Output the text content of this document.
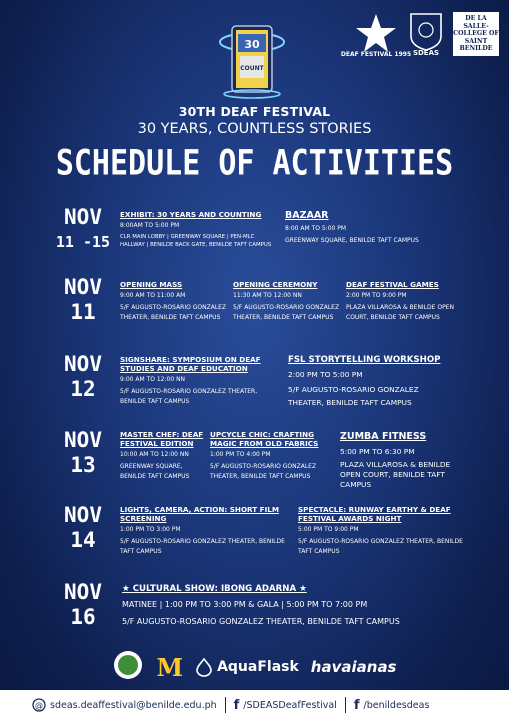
30
COUNT
DEAF FESTIVAL 1995 SDEAS
DE LA SALLE-COLLEGE OF SAINT BENILDE
30TH DEAF FESTIVAL
30 YEARS, COUNTLESS STORIES
SCHEDULE OF ACTIVITIES
NOV
11 -15
EXHIBIT: 30 YEARS AND COUNTING
8:00AM TO 5:00 PM
CLR MAIN LOBBY | GREENWAY SQUARE | PEN-MLC HALLWAY | BENILDE BACK GATE, BENILDE TAFT CAMPUS
BAZAAR
8:00 AM TO 5:00 PM
GREENWAY SQUARE, BENILDE TAFT CAMPUS
NOV
11
OPENING MASS
9:00 AM TO 11:00 AM
5/F AUGUSTO-ROSARIO GONZALEZ THEATER, BENILDE TAFT CAMPUS
OPENING CEREMONY
11:30 AM TO 12:00 NN
5/F AUGUSTO-ROSARIO GONZALEZ THEATER, BENILDE TAFT CAMPUS
DEAF FESTIVAL GAMES
2:00 PM TO 9:00 PM
PLAZA VILLAROSA & BENILDE OPEN COURT, BENILDE TAFT CAMPUS
NOV
12
SIGNSHARE: SYMPOSIUM ON DEAF STUDIES AND DEAF EDUCATION
9:00 AM TO 12:00 NN
5/F AUGUSTO-ROSARIO GONZALEZ THEATER, BENILDE TAFT CAMPUS
FSL STORYTELLING WORKSHOP
2:00 PM TO 5:00 PM
5/F AUGUSTO-ROSARIO GONZALEZ THEATER, BENILDE TAFT CAMPUS
NOV
13
MASTER CHEF: DEAF FESTIVAL EDITION
10:00 AM TO 12:00 NN
GREENWAY SQUARE, BENILDE TAFT CAMPUS
UPCYCLE CHIC: CRAFTING MAGIC FROM OLD FABRICS
1:00 PM TO 4:00 PM
5/F AUGUSTO-ROSARIO GONZALEZ THEATER, BENILDE TAFT CAMPUS
ZUMBA FITNESS
5:00 PM TO 6:30 PM
PLAZA VILLAROSA & BENILDE OPEN COURT, BENILDE TAFT CAMPUS
NOV
14
LIGHTS, CAMERA, ACTION: SHORT FILM SCREENING
1:00 PM TO 3:00 PM
5/F AUGUSTO-ROSARIO GONZALEZ THEATER, BENILDE TAFT CAMPUS
SPECTACLE: RUNWAY EARTHY & DEAF FESTIVAL AWARDS NIGHT
5:00 PM TO 9:00 PM
5/F AUGUSTO-ROSARIO GONZALEZ THEATER, BENILDE TAFT CAMPUS
NOV
16
★ CULTURAL SHOW: IBONG ADARNA ★
MATINEE | 1:00 PM TO 3:00 PM & GALA | 5:00 PM TO 7:00 PM
5/F AUGUSTO-ROSARIO GONZALEZ THEATER, BENILDE TAFT CAMPUS
M AquaFlask havaianas
@ sdeas.deaffestival@benilde.edu.ph f /SDEASDeafFestival f /benildesdeas
